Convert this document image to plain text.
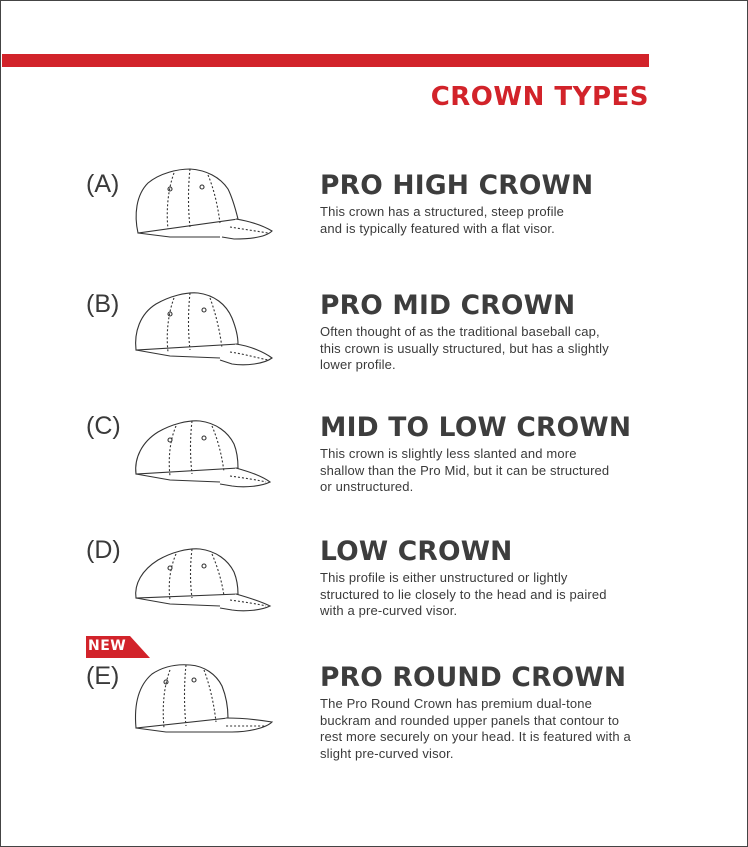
CROWN TYPES
(A)	PRO HIGH CROWN

This crown has a structured, steep profile
and is typically featured with a flat visor.

(B)	PRO MID CROWN

Often thought of as the traditional baseball cap,
this crown is usually structured, but has a slightly
lower profile.

(C)	MID TO LOW CROWN

This crown is slightly less slanted and more
shallow than the Pro Mid, but it can be structured
or unstructured.

(D)	LOW CROWN

This profile is either unstructured or lightly
structured to lie closely to the head and is paired
with a pre-curved visor.

NEW
(E)	PRO ROUND CROWN

The Pro Round Crown has premium dual-tone
buckram and rounded upper panels that contour to
rest more securely on your head. It is featured with a
slight pre-curved visor.
